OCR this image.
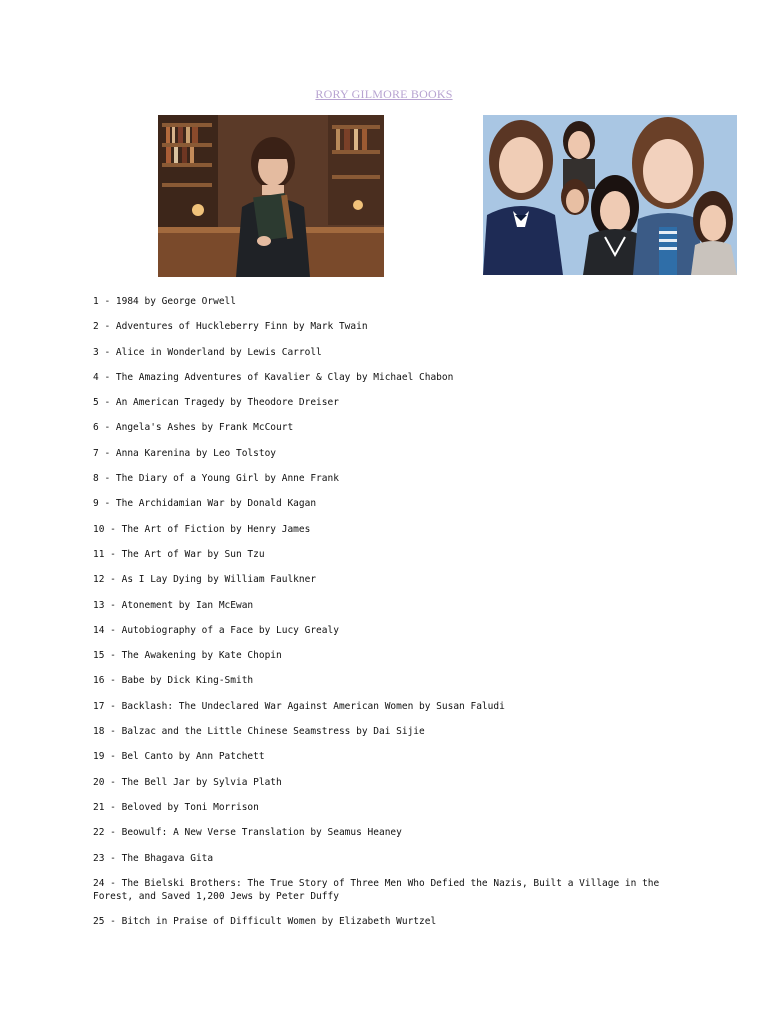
RORY GILMORE BOOKS
1 - 1984 by George Orwell
2 - Adventures of Huckleberry Finn by Mark Twain
3 - Alice in Wonderland by Lewis Carroll
4 - The Amazing Adventures of Kavalier & Clay by Michael Chabon
5 - An American Tragedy by Theodore Dreiser
6 - Angela's Ashes by Frank McCourt
7 - Anna Karenina by Leo Tolstoy
8 - The Diary of a Young Girl by Anne Frank
9 - The Archidamian War by Donald Kagan
10 - The Art of Fiction by Henry James
11 - The Art of War by Sun Tzu
12 - As I Lay Dying by William Faulkner
13 - Atonement by Ian McEwan
14 - Autobiography of a Face by Lucy Grealy
15 - The Awakening by Kate Chopin
16 - Babe by Dick King-Smith
17 - Backlash: The Undeclared War Against American Women by Susan Faludi
18 - Balzac and the Little Chinese Seamstress by Dai Sijie
19 - Bel Canto by Ann Patchett
20 - The Bell Jar by Sylvia Plath
21 - Beloved by Toni Morrison
22 - Beowulf: A New Verse Translation by Seamus Heaney
23 - The Bhagava Gita
24 - The Bielski Brothers: The True Story of Three Men Who Defied the Nazis, Built a Village in the Forest, and Saved 1,200 Jews by Peter Duffy
25 - Bitch in Praise of Difficult Women by Elizabeth Wurtzel
